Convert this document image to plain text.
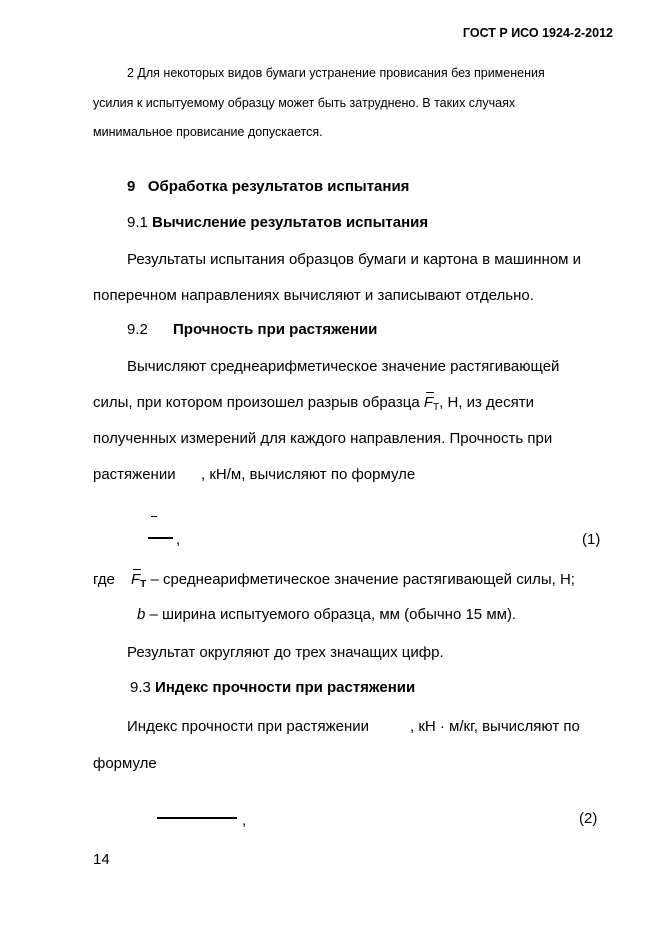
ГОСТ Р ИСО 1924-2-2012
2 Для некоторых видов бумаги устранение провисания без применения
усилия к испытуемому образцу может быть затруднено. В таких случаях
минимальное провисание допускается.
9 Обработка результатов испытания
9.1 Вычисление результатов испытания
Результаты испытания образцов бумаги и картона в машинном и
поперечном направлениях вычисляют и записывают отдельно.
9.2 Прочность при растяжении
Вычисляют среднеарифметическое значение растягивающей
силы, при котором произошел разрыв образца
$F_T$, Н, из десяти
полученных измерений для каждого направления. Прочность при
растяжении , кН/м, вычисляют по формуле
,	(1)
где $F_T$ – среднеарифметическое значение растягивающей силы, Н;
b – ширина испытуемого образца, мм (обычно 15 мм).
Результат округляют до трех значащих цифр.
9.3 Индекс прочности при растяжении
Индекс прочности при растяжении	, кН · м/кг, вычисляют по
формуле
,	(2)
14
